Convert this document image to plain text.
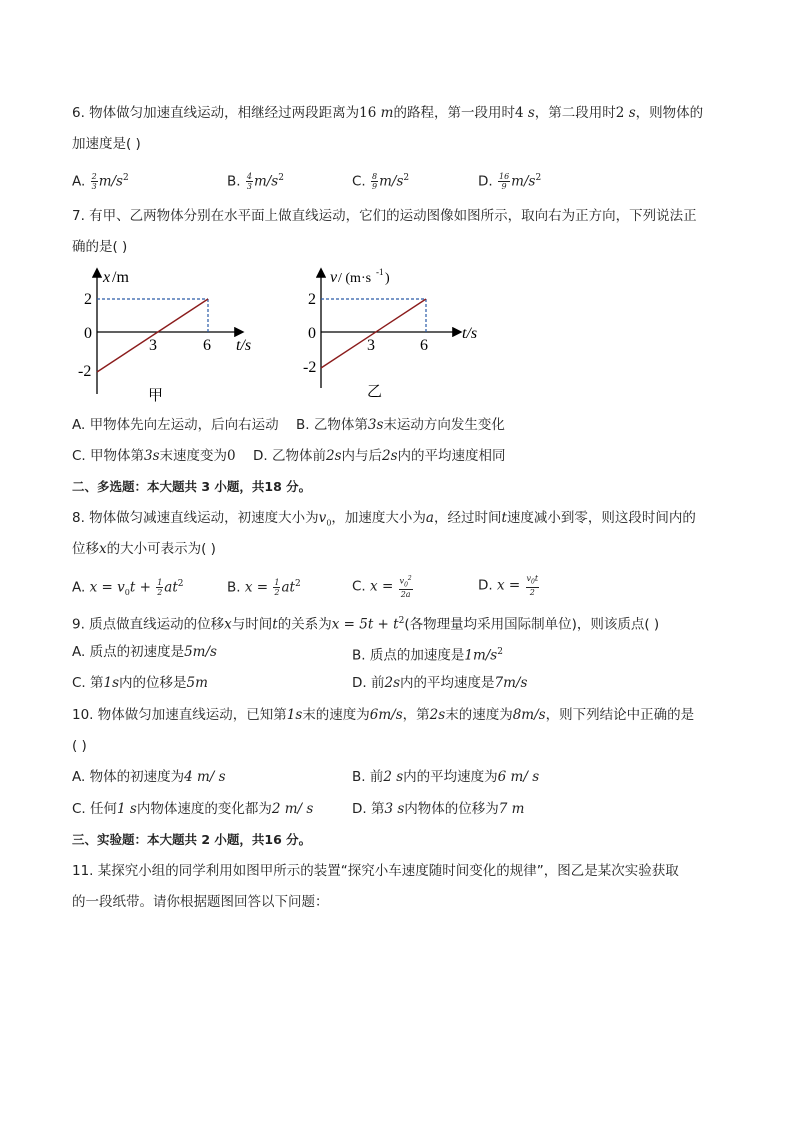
6. 物体做匀加速直线运动，相继经过两段距离为16 m的路程，第一段用时4 s，第二段用时2 s，则物体的
加速度是( )
A. $\frac{2}{3} m/s^2$	B. $\frac{4}{3} m/s^2$	C. $\frac{8}{9} m/s^2$	D. $\frac{16}{9} m/s^2$
7. 有甲、乙两物体分别在水平面上做直线运动，它们的运动图像如图所示，取向右为正方向，下列说法正
确的是( )
x /m
2
0
-2
3	6 t/s
甲
v / (m·s -1 )
2
0
-2
3	6
t/s
乙
A. 甲物体先向左运动，后向右运动 B. 乙物体第3s末运动方向发生变化
C. 甲物体第3s末速度变为0 D. 乙物体前2s内与后2s内的平均速度相同
二、多选题：本大题共 3 小题，共18 分。
8. 物体做匀减速直线运动，初速度大小为$v_0$，加速度大小为a，经过时间t速度减小到零，则这段时间内的
位移x的大小可表示为( )
A. $x = v_0t + \frac{1}{2} at^2$	B. $x = \frac{1}{2} at^2$	C. $x = \frac{v_0^2}{2a}$	D. $x = \frac{v_0t}{2}$
9. 质点做直线运动的位移x与时间t的关系为$x = 5t + t^2$(各物理量均采用国际制单位)，则该质点( )
A. 质点的初速度是5m/s	B. 质点的加速度是$1m/s^2$
C. 第1s内的位移是5m	D. 前2s内的平均速度是7m/s
10. 物体做匀加速直线运动，已知第1s末的速度为6m/s，第2s末的速度为8m/s，则下列结论中正确的是
( )
A. 物体的初速度为4 m/ s	B. 前2 s内的平均速度为6 m/ s
C. 任何1 s内物体速度的变化都为2 m/ s	D. 第3 s内物体的位移为7 m
三、实验题：本大题共 2 小题，共16 分。
11. 某探究小组的同学利用如图甲所示的装置“探究小车速度随时间变化的规律”，图乙是某次实验获取
的一段纸带。请你根据题图回答以下问题：
